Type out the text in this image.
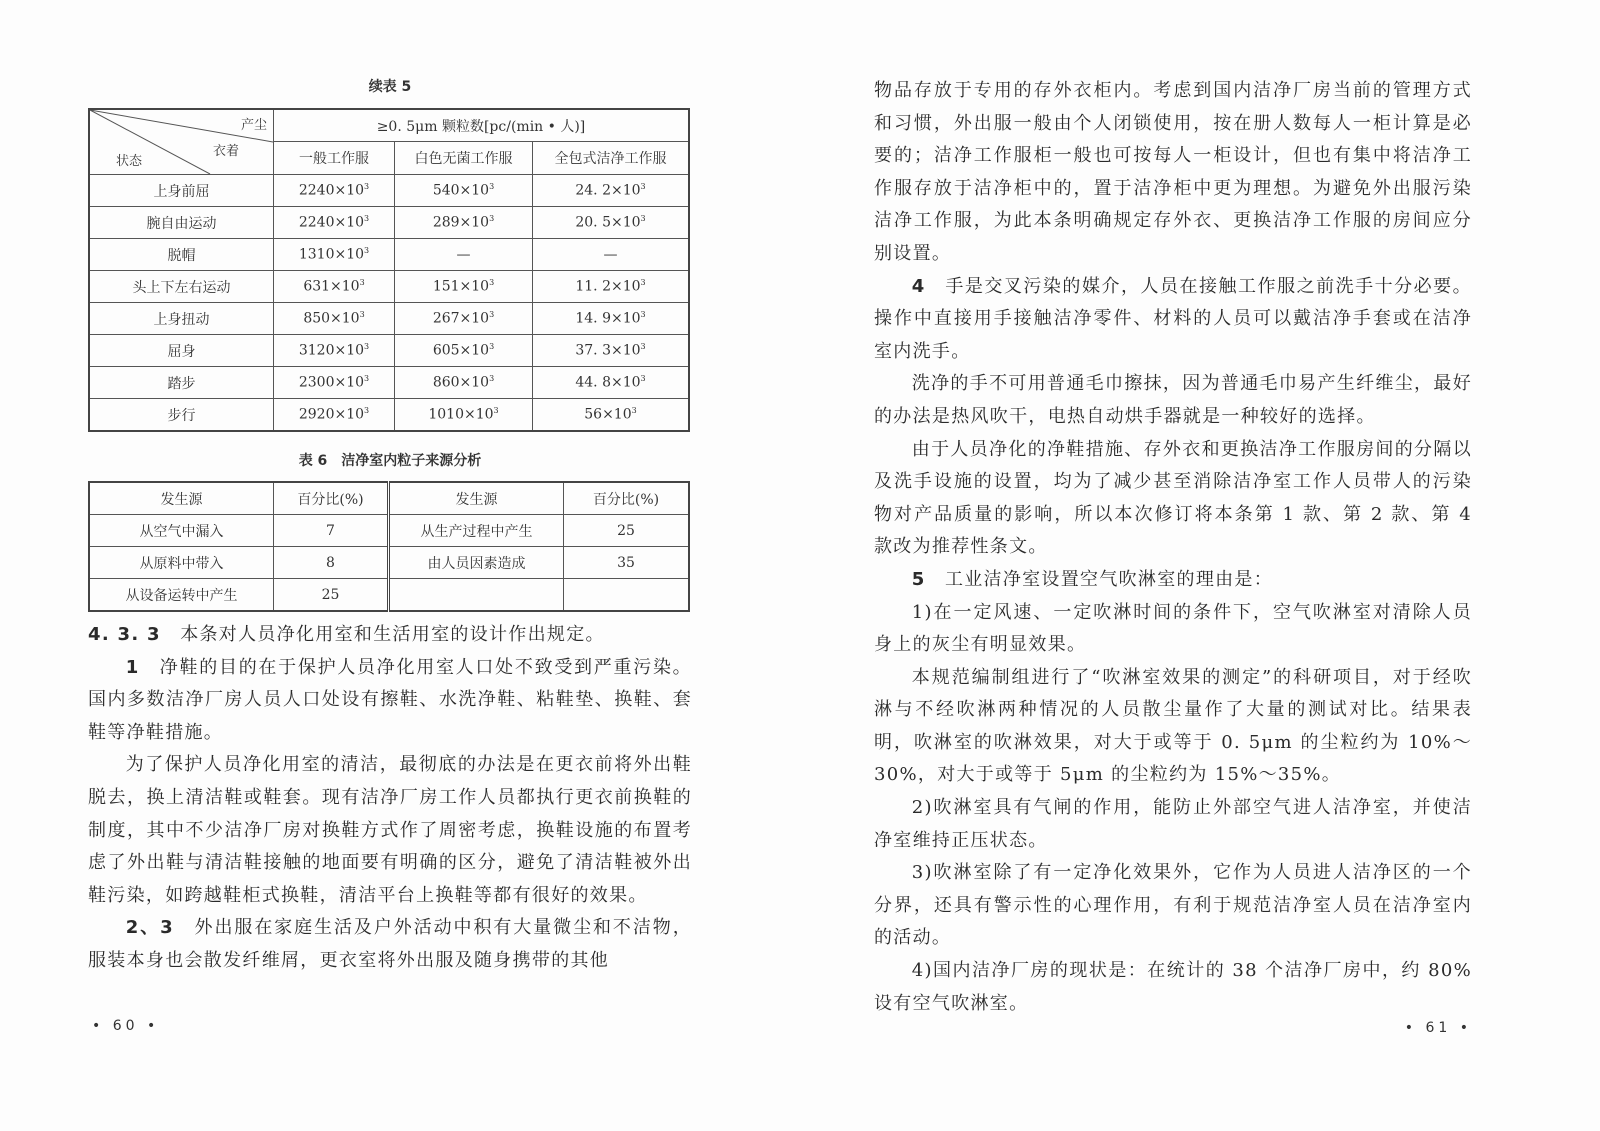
续表 5
产尘
衣着
状态	≥0. 5μm 颗粒数[pc/(min • 人)]		
	一般工作服	白色无菌工作服	全包式洁净工作服
上身前屈	$2240\times 10^3$	$540\times 10^3$	24. $2\times 10^3$
腕自由运动	$2240\times 10^3$	$289\times 10^3$	20. $5\times 10^3$
脱帽	$1310\times 10^3$	—	—
头上下左右运动	$631\times 10^3$	$151\times 10^3$	11. $2\times 10^3$
上身扭动	$850\times 10^3$	$267\times 10^3$	14. $9\times 10^3$
屈身	$3120\times 10^3$	$605\times 10^3$	37. $3\times 10^3$
踏步	$2300\times 10^3$	$860\times 10^3$	44. $8\times 10^3$
步行	$2920\times 10^3$	$1010\times 10^3$	$56\times 10^3$
表 6　洁净室内粒子来源分析
发生源	百分比(%)	发生源	百分比(%)
从空气中漏入	7	从生产过程中产生	25
从原料中带入	8	由人员因素造成	35
从设备运转中产生	25		

4. 3. 3　 本条对人员净化用室和生活用室的设计作出规定。

1　 净鞋的目的在于保护人员净化用室人口处不致受到严重污染。国内多数洁净厂房人员人口处设有擦鞋、水洗净鞋、粘鞋垫、换鞋、套鞋等净鞋措施。

为了保护人员净化用室的清洁，最彻底的办法是在更衣前将外出鞋脱去，换上清洁鞋或鞋套。现有洁净厂房工作人员都执行更衣前换鞋的制度，其中不少洁净厂房对换鞋方式作了周密考虑，换鞋设施的布置考虑了外出鞋与清洁鞋接触的地面要有明确的区分，避免了清洁鞋被外出鞋污染，如跨越鞋柜式换鞋，清洁平台上换鞋等都有很好的效果。

2、3　 外出服在家庭生活及户外活动中积有大量微尘和不洁物，服装本身也会散发纤维屑，更衣室将外出服及随身携带的其他

• 60 •

物品存放于专用的存外衣柜内。考虑到国内洁净厂房当前的管理方式和习惯，外出服一般由个人闭锁使用，按在册人数每人一柜计算是必要的；洁净工作服柜一般也可按每人一柜设计，但也有集中将洁净工作服存放于洁净柜中的，置于洁净柜中更为理想。为避免外出服污染洁净工作服，为此本条明确规定存外衣、更换洁净工作服的房间应分别设置。

4　 手是交叉污染的媒介，人员在接触工作服之前洗手十分必要。操作中直接用手接触洁净零件、材料的人员可以戴洁净手套或在洁净室内洗手。

洗净的手不可用普通毛巾擦抹，因为普通毛巾易产生纤维尘，最好的办法是热风吹干，电热自动烘手器就是一种较好的选择。

由于人员净化的净鞋措施、存外衣和更换洁净工作服房间的分隔以及洗手设施的设置，均为了减少甚至消除洁净室工作人员带人的污染物对产品质量的影响，所以本次修订将本条第 1 款、第 2 款、第 4 款改为推荐性条文。

5　 工业洁净室设置空气吹淋室的理由是：

1)在一定风速、一定吹淋时间的条件下，空气吹淋室对清除人员身上的灰尘有明显效果。

本规范编制组进行了“吹淋室效果的测定”的科研项目，对于经吹淋与不经吹淋两种情况的人员散尘量作了大量的测试对比。结果表明，吹淋室的吹淋效果，对大于或等于 0. 5μm 的尘粒约为 10%～30%，对大于或等于 5μm 的尘粒约为 15%～35%。

2)吹淋室具有气闸的作用，能防止外部空气进人洁净室，并使洁净室维持正压状态。

3)吹淋室除了有一定净化效果外，它作为人员进人洁净区的一个分界，还具有警示性的心理作用，有利于规范洁净室人员在洁净室内的活动。

4)国内洁净厂房的现状是：在统计的 38 个洁净厂房中，约 80%设有空气吹淋室。

• 61 •
